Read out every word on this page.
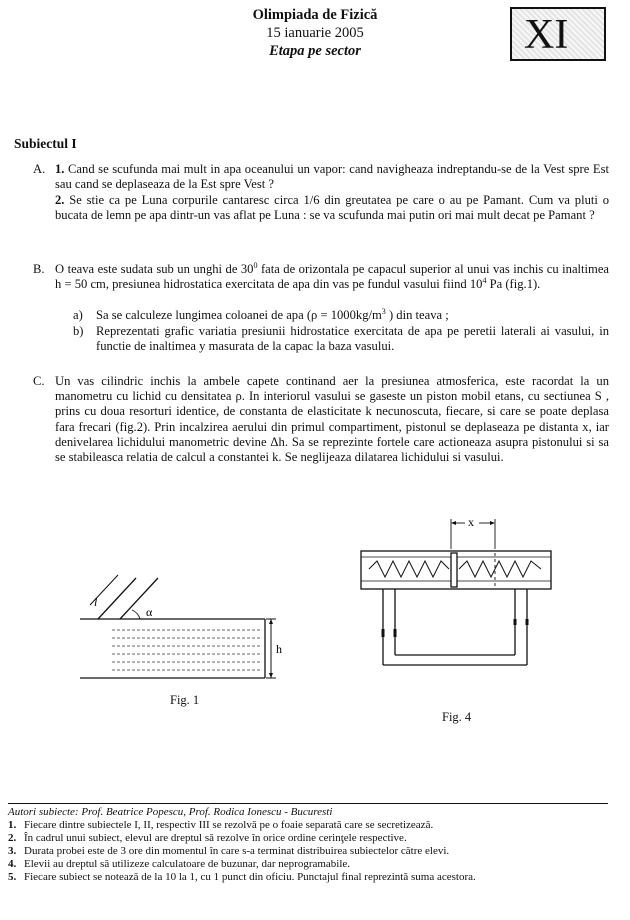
Olimpiada de Fizică
15 ianuarie 2005
Etapa pe sector	XI
Subiectul I
A. 1. Cand se scufunda mai mult in apa oceanului un vapor: cand navigheaza indreptandu-se de la Vest spre Est sau cand se deplaseaza de la Est spre Vest ?
2. Se stie ca pe Luna corpurile cantaresc circa 1/6 din greutatea pe care o au pe Pamant. Cum va pluti o bucata de lemn pe apa dintr-un vas aflat pe Luna : se va scufunda mai putin ori mai mult decat pe Pamant ?
B. O teava este sudata sub un unghi de $30^0$ fata de orizontala pe capacul superior al unui vas inchis cu inaltimea h = 50 cm, presiunea hidrostatica exercitata de apa din vas pe fundul vasului fiind $10^4$ Pa (fig.1).
a)	Sa se calculeze lungimea coloanei de apa ($\rho = 1000kg/m^3$ ) din teava ;
b) Reprezentati grafic variatia presiunii hidrostatice exercitata de apa pe peretii laterali ai vasului, in functie de inaltimea y masurata de la capac la baza vasului.
C. Un vas cilindric inchis la ambele capete continand aer la presiunea atmosferica, este racordat la un manometru cu lichid cu densitatea ρ. In interiorul vasului se gaseste un piston mobil etans, cu sectiunea S , prins cu doua resorturi identice, de constanta de elasticitate k necunoscuta, fiecare, si care se poate deplasa fara frecari (fig.2). Prin incalzirea aerului din primul compartiment, pistonul se deplaseaza pe distanta x, iar denivelarea lichidului manometric devine Δh. Sa se reprezinte fortele care actioneaza asupra pistonului si sa se stabileasca relatia de calcul a constantei k. Se neglijeaza dilatarea lichidului si vasului.
l
α
h
Fig. 1
x
Fig. 4
Autori subiecte: Prof. Beatrice Popescu, Prof. Rodica Ionescu - Bucuresti
1. Fiecare dintre subiectele I, II, respectiv III se rezolvă pe o foaie separată care se secretizează.
2. În cadrul unui subiect, elevul are dreptul să rezolve în orice ordine cerinţele respective.
3. Durata probei este de 3 ore din momentul în care s-a terminat distribuirea subiectelor către elevi.
4. Elevii au dreptul să utilizeze calculatoare de buzunar, dar neprogramabile.
5. Fiecare subiect se notează de la 10 la 1, cu 1 punct din oficiu. Punctajul final reprezintă suma acestora.
